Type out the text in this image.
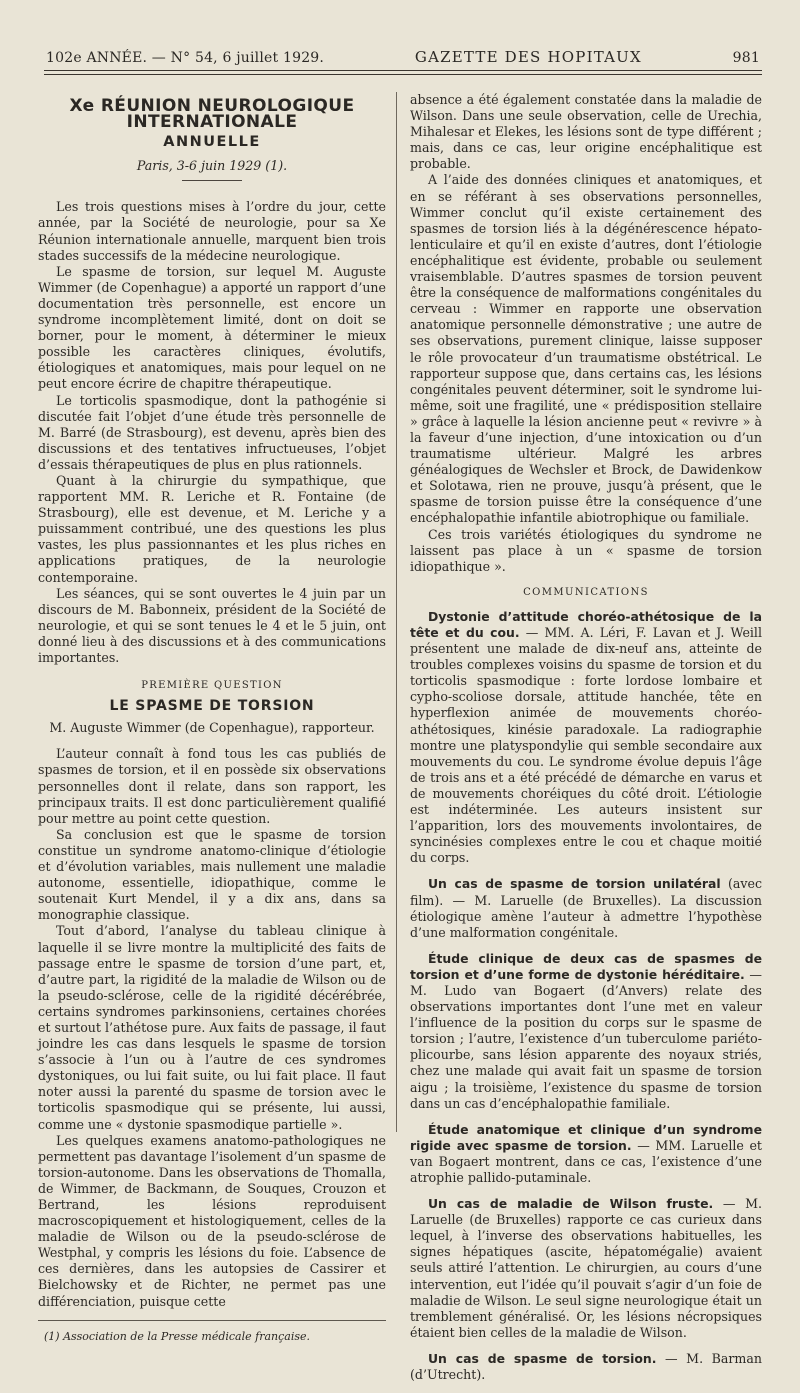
102e ANNÉE. — N° 54, 6 juillet 1929.	GAZETTE DES HOPITAUX	981
Xe RÉUNION NEUROLOGIQUE INTERNATIONALE
ANNUELLE
Paris, 3-6 juin 1929 (1).

Les trois questions mises à l’ordre du jour, cette année, par la Société de neurologie, pour sa Xe Réunion internationale annuelle, marquent bien trois stades successifs de la médecine neurologique.

Le spasme de torsion, sur lequel M. Auguste Wimmer (de Copenhague) a apporté un rapport d’une documentation très personnelle, est encore un syndrome incomplètement limité, dont on doit se borner, pour le moment, à déterminer le mieux possible les caractères cliniques, évolutifs, étiologiques et anatomiques, mais pour lequel on ne peut encore écrire de chapitre thérapeutique.

Le torticolis spasmodique, dont la pathogénie si discutée fait l’objet d’une étude très personnelle de M. Barré (de Strasbourg), est devenu, après bien des discussions et des tentatives infructueuses, l’objet d’essais thérapeutiques de plus en plus rationnels.

Quant à la chirurgie du sympathique, que rapportent MM. R. Leriche et R. Fontaine (de Strasbourg), elle est devenue, et M. Leriche y a puissamment contribué, une des questions les plus vastes, les plus passionnantes et les plus riches en applications pratiques, de la neurologie contemporaine.

Les séances, qui se sont ouvertes le 4 juin par un discours de M. Babonneix, président de la Société de neurologie, et qui se sont tenues le 4 et le 5 juin, ont donné lieu à des discussions et à des communications importantes.

PREMIÈRE QUESTION
LE SPASME DE TORSION
M. Auguste Wimmer (de Copenhague), rapporteur.

L’auteur connaît à fond tous les cas publiés de spasmes de torsion, et il en possède six observations personnelles dont il relate, dans son rapport, les principaux traits. Il est donc particulièrement qualifié pour mettre au point cette question.

Sa conclusion est que le spasme de torsion constitue un syndrome anatomo-clinique d’étiologie et d’évolution variables, mais nullement une maladie autonome, essentielle, idiopathique, comme le soutenait Kurt Mendel, il y a dix ans, dans sa monographie classique.

Tout d’abord, l’analyse du tableau clinique à laquelle il se livre montre la multiplicité des faits de passage entre le spasme de torsion d’une part, et, d’autre part, la rigidité de la maladie de Wilson ou de la pseudo-sclérose, celle de la rigidité décérébrée, certains syndromes parkinsoniens, certaines chorées et surtout l’athétose pure. Aux faits de passage, il faut joindre les cas dans lesquels le spasme de torsion s’associe à l’un ou à l’autre de ces syndromes dystoniques, ou lui fait suite, ou lui fait place. Il faut noter aussi la parenté du spasme de torsion avec le torticolis spasmodique qui se présente, lui aussi, comme une « dystonie spasmodique partielle ».

Les quelques examens anatomo-pathologiques ne permettent pas davantage l’isolement d’un spasme de torsion-autonome. Dans les observations de Thomalla, de Wimmer, de Backmann, de Souques, Crouzon et Bertrand, les lésions reproduisent macroscopiquement et histologiquement, celles de la maladie de Wilson ou de la pseudo-sclérose de Westphal, y compris les lésions du foie. L’absence de ces dernières, dans les autopsies de Cassirer et Bielchowsky et de Richter, ne permet pas une différenciation, puisque cette

(1) Association de la Presse médicale française.

absence a été également constatée dans la maladie de Wilson. Dans une seule observation, celle de Urechia, Mihalesar et Elekes, les lésions sont de type différent ; mais, dans ce cas, leur origine encéphalitique est probable.

A l’aide des données cliniques et anatomiques, et en se référant à ses observations personnelles, Wimmer conclut qu’il existe certainement des spasmes de torsion liés à la dégénérescence hépato-lenticulaire et qu’il en existe d’autres, dont l’étiologie encéphalitique est évidente, probable ou seulement vraisemblable. D’autres spasmes de torsion peuvent être la conséquence de malformations congénitales du cerveau : Wimmer en rapporte une observation anatomique personnelle démonstrative ; une autre de ses observations, purement clinique, laisse supposer le rôle provocateur d’un traumatisme obstétrical. Le rapporteur suppose que, dans certains cas, les lésions congénitales peuvent déterminer, soit le syndrome lui-même, soit une fragilité, une « prédisposition stellaire » grâce à laquelle la lésion ancienne peut « revivre » à la faveur d’une injection, d’une intoxication ou d’un traumatisme ultérieur. Malgré les arbres généalogiques de Wechsler et Brock, de Dawidenkow et Solotawa, rien ne prouve, jusqu’à présent, que le spasme de torsion puisse être la conséquence d’une encéphalopathie infantile abiotrophique ou familiale.

Ces trois variétés étiologiques du syndrome ne laissent pas place à un « spasme de torsion idiopathique ».

COMMUNICATIONS

Dystonie d’attitude choréo-athétosique de la tête et du cou. — MM. A. Léri, F. Lavan et J. Weill présentent une malade de dix-neuf ans, atteinte de troubles complexes voisins du spasme de torsion et du torticolis spasmodique : forte lordose lombaire et cypho-scoliose dorsale, attitude hanchée, tête en hyperflexion animée de mouvements choréo-athétosiques, kinésie paradoxale. La radiographie montre une platyspondylie qui semble secondaire aux mouvements du cou. Le syndrome évolue depuis l’âge de trois ans et a été précédé de démarche en varus et de mouvements choréiques du côté droit. L’étiologie est indéterminée. Les auteurs insistent sur l’apparition, lors des mouvements involontaires, de syncinésies complexes entre le cou et chaque moitié du corps.

Un cas de spasme de torsion unilatéral (avec film). — M. Laruelle (de Bruxelles). La discussion étiologique amène l’auteur à admettre l’hypothèse d’une malformation congénitale.

Étude clinique de deux cas de spasmes de torsion et d’une forme de dystonie héréditaire. — M. Ludo van Bogaert (d’Anvers) relate des observations importantes dont l’une met en valeur l’influence de la position du corps sur le spasme de torsion ; l’autre, l’existence d’un tuberculome pariéto-plicourbe, sans lésion apparente des noyaux striés, chez une malade qui avait fait un spasme de torsion aigu ; la troisième, l’existence du spasme de torsion dans un cas d’encéphalopathie familiale.

Étude anatomique et clinique d’un syndrome rigide avec spasme de torsion. — MM. Laruelle et van Bogaert montrent, dans ce cas, l’existence d’une atrophie pallido-putaminale.

Un cas de maladie de Wilson fruste. — M. Laruelle (de Bruxelles) rapporte ce cas curieux dans lequel, à l’inverse des observations habituelles, les signes hépatiques (ascite, hépatomégalie) avaient seuls attiré l’attention. Le chirurgien, au cours d’une intervention, eut l’idée qu’il pouvait s’agir d’un foie de maladie de Wilson. Le seul signe neurologique était un tremblement généralisé. Or, les lésions nécropsiques étaient bien celles de la maladie de Wilson.

Un cas de spasme de torsion. — M. Barman (d’Utrecht).
